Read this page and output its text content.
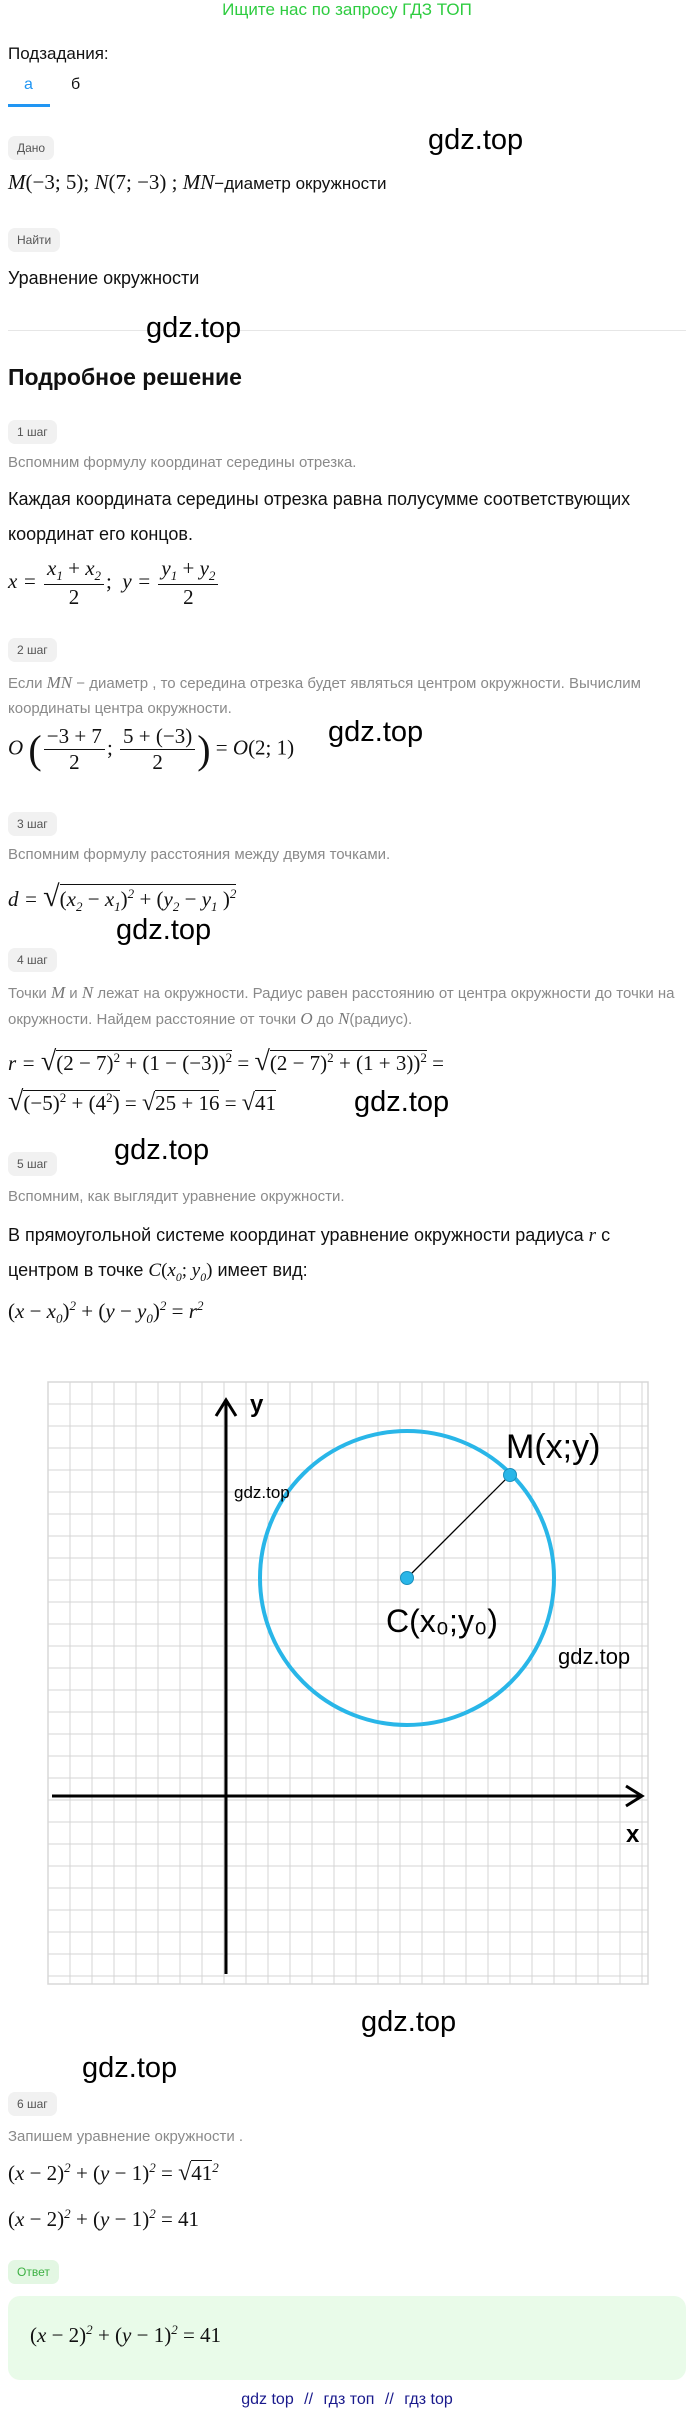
Ищите нас по запросу ГДЗ ТОП
Подзадания:
а б
Дано	gdz.top
M(−3; 5); N(7; −3) ; MN−диаметр окружности
Найти
Уравнение окружности
gdz.top
Подробное решение
1 шаг
Вспомним формулу координат середины отрезка.
Каждая координата середины отрезка равна полусумме соответствующих координат его концов.
$x = \frac{x_1 + x_2}{2}$ ;  $y = \frac{y_1 + y_2}{2}$
2 шаг
Если MN − диаметр , то середина отрезка будет являться центром окружности. Вычислим координаты центра окружности.
O ( $\frac{-3 + 7}{2}$ ; $\frac{5 + (-3)}{2}$ ) = O(2; 1) gdz.top
3 шаг
Вспомним формулу расстояния между двумя точками.
$d = √(x_2 - x_1)^2 + (y_2 - y_1$ )$^2$
gdz.top
4 шаг
Точки M и N лежат на окружности. Радиус равен расстоянию от центра окружности до точки на окружности. Найдем расстояние от точки O до N(радиус).
$r = √(2 - 7)^2 + (1 - (-3))^2 = √(2 - 7)^2 + (1 + 3))^2$ =
$√(-5)^2 + (4^2) = √25 + 16 = √41$	gdz.top
gdz.top
5 шаг
Вспомним, как выглядит уравнение окружности.
В прямоугольной системе координат уравнение окружности радиуса r с центром в точке $C(x_0$; $y_0$) имеет вид:
$(x - x_0)^2 + (y - y_0)^2 = r^2$
y
x
M(x;y)
C(x₀;y₀)
gdz.top
gdz.top
gdz.top
gdz.top
6 шаг
Запишем уравнение окружности .
$(x - 2)^2 + (y - 1)^2 = √41^2$
$(x - 2)^2 + (y - 1)^2 = 41$
Ответ
$(x - 2)^2 + (y - 1)^2 = 41$
gdz top // гдз топ // гдз top
